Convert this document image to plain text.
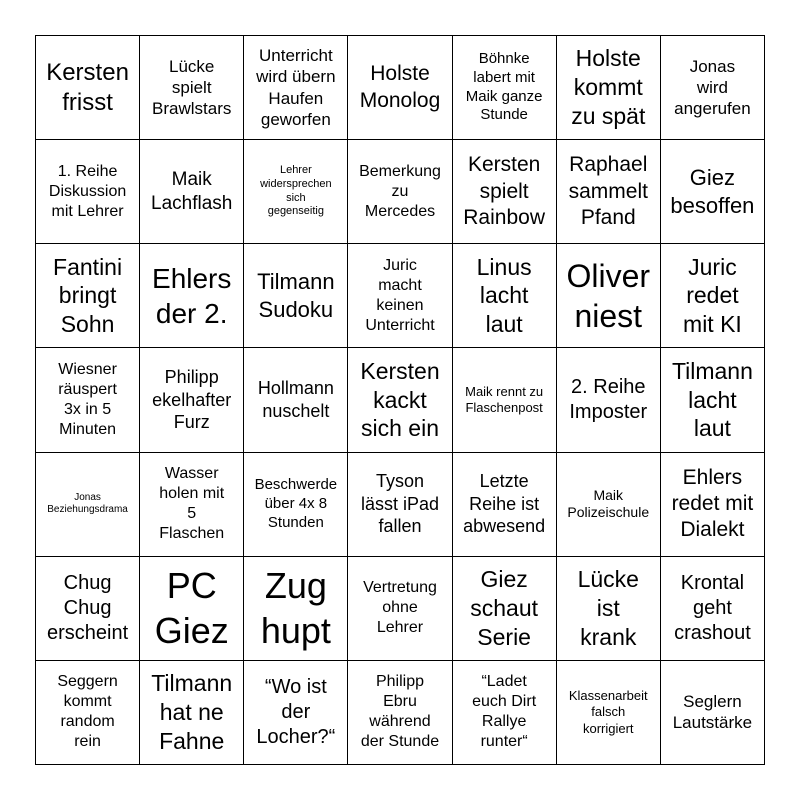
Kersten
frisst
Lücke
spielt
Brawlstars
Unterricht
wird übern
Haufen
geworfen
Holste
Monolog
Böhnke
labert mit
Maik ganze
Stunde
Holste
kommt
zu spät
Jonas
wird
angerufen
1. Reihe
Diskussion
mit Lehrer
Maik
Lachflash
Lehrer
widersprechen
sich
gegenseitig
Bemerkung
zu
Mercedes
Kersten
spielt
Rainbow
Raphael
sammelt
Pfand
Giez
besoffen
Fantini
bringt
Sohn
Ehlers
der 2.
Tilmann
Sudoku
Juric
macht
keinen
Unterricht
Linus
lacht
laut
Oliver
niest
Juric
redet
mit KI
Wiesner
räuspert
3x in 5
Minuten
Philipp
ekelhafter
Furz
Hollmann
nuschelt
Kersten
kackt
sich ein
Maik rennt zu
Flaschenpost
2. Reihe
Imposter
Tilmann
lacht
laut
Jonas
Beziehungsdrama
Wasser
holen mit
5
Flaschen
Beschwerde
über 4x 8
Stunden
Tyson
lässt iPad
fallen
Letzte
Reihe ist
abwesend
Maik
Polizeischule
Ehlers
redet mit
Dialekt
Chug
Chug
erscheint
PC
Giez
Zug
hupt
Vertretung
ohne
Lehrer
Giez
schaut
Serie
Lücke
ist
krank
Krontal
geht
crashout
Seggern
kommt
random
rein
Tilmann
hat ne
Fahne
“Wo ist
der
Locher?“
Philipp
Ebru
während
der Stunde
“Ladet
euch Dirt
Rallye
runter“
Klassenarbeit
falsch
korrigiert
Seglern
Lautstärke
